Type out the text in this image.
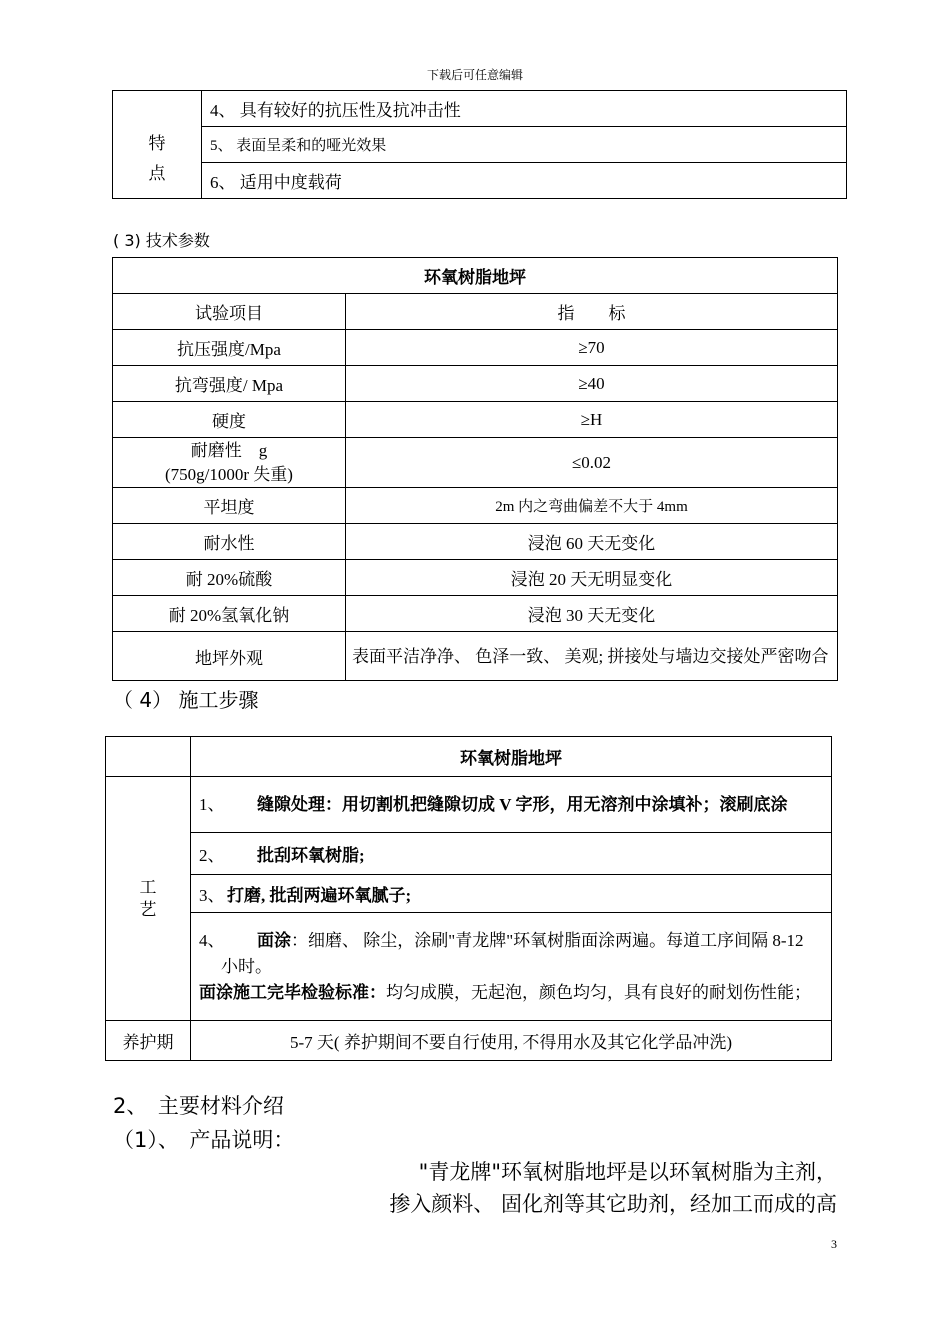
下载后可任意编辑
特
点
	4、 具有较好的抗压性及抗冲击性
5、 表面呈柔和的哑光效果
6、 适用中度载荷
( 3) 技术参数
环氧树脂地坪	
试验项目	指　　标
抗压强度/Mpa	≥70
抗弯强度/ Mpa	≥40
硬度	≥H
耐磨性　g
(750g/1000r 失重)	≤0.02
平坦度	2m 内之弯曲偏差不大于 4mm
耐水性	浸泡 60 天无变化
耐 20%硫酸	浸泡 20 天无明显变化
耐 20%氢氧化钠	浸泡 30 天无变化
地坪外观	表面平洁净净、 色泽一致、 美观; 拼接处与墙边交接处严密吻合
（ 4） 施工步骤
	环氧树脂地坪

工
艺	1、 缝隙处理：用切割机把缝隙切成 V 字形，用无溶剂中涂填补；滚刷底涂
	2、 批刮环氧树脂;
	3、 打磨, 批刮两遍环氧腻子;

	4、 面涂：细磨、 除尘，涂刷"青龙牌"环氧树脂面涂两遍。每道工序间隔 8-12 小时。
面涂施工完毕检验标准：均匀成膜，无起泡，颜色均匀，具有良好的耐划伤性能；

养护期	5-7 天( 养护期间不要自行使用, 不得用水及其它化学品冲洗)
2、　主要材料介绍
（1）、　产品说明：
"青龙牌"环氧树脂地坪是以环氧树脂为主剂，
掺入颜料、 固化剂等其它助剂，经加工而成的高
3
